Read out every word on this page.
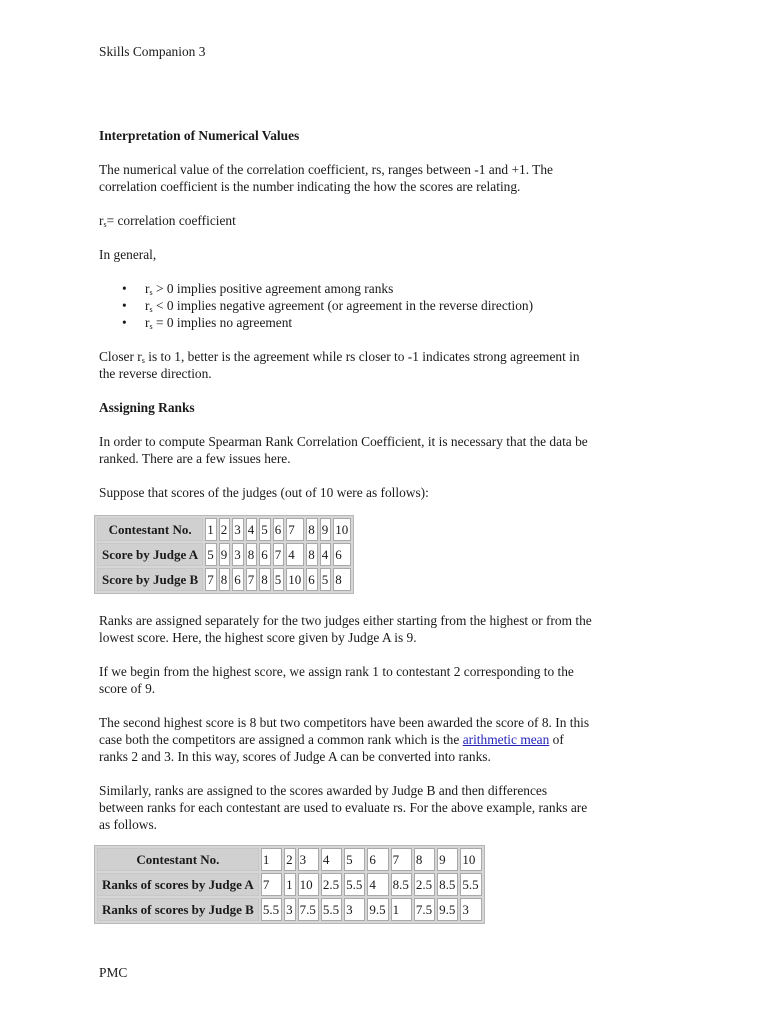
Skills Companion 3
Interpretation of Numerical Values

The numerical value of the correlation coefficient, rs, ranges between -1 and +1. The

correlation coefficient is the number indicating the how the scores are relating.

$r_s=$ correlation coefficient
In general,
• $r_s > 0$ implies positive agreement among ranks
• $r_s < 0$ implies negative agreement (or agreement in the reverse direction)
• $r_s = 0$ implies no agreement

Closer $r_s$ is to 1, better is the agreement while rs closer to -1 indicates strong agreement in

the reverse direction.

Assigning Ranks

In order to compute Spearman Rank Correlation Coefficient, it is necessary that the data be

ranked. There are a few issues here.

Suppose that scores of the judges (out of 10 were as follows):
Contestant No.	1	2	3	4	5	6	7	8	9	10
Score by Judge A	5	9	3	8	6	7	4	8	4	6
Score by Judge B	7	8	6	7	8	5	10	6	5	8

Ranks are assigned separately for the two judges either starting from the highest or from the

lowest score. Here, the highest score given by Judge A is 9.

If we begin from the highest score, we assign rank 1 to contestant 2 corresponding to the

score of 9.

The second highest score is 8 but two competitors have been awarded the score of 8. In this

case both the competitors are assigned a common rank which is the arithmetic mean of

ranks 2 and 3. In this way, scores of Judge A can be converted into ranks.

Similarly, ranks are assigned to the scores awarded by Judge B and then differences

between ranks for each contestant are used to evaluate rs. For the above example, ranks are

as follows.

Contestant No.	1	2	3	4	5	6	7	8	9	10
Ranks of scores by Judge A	7	1	10	2.5	5.5	4	8.5	2.5	8.5	5.5
Ranks of scores by Judge B	5.5	3	7.5	5.5	3	9.5	1	7.5	9.5	3
PMC
